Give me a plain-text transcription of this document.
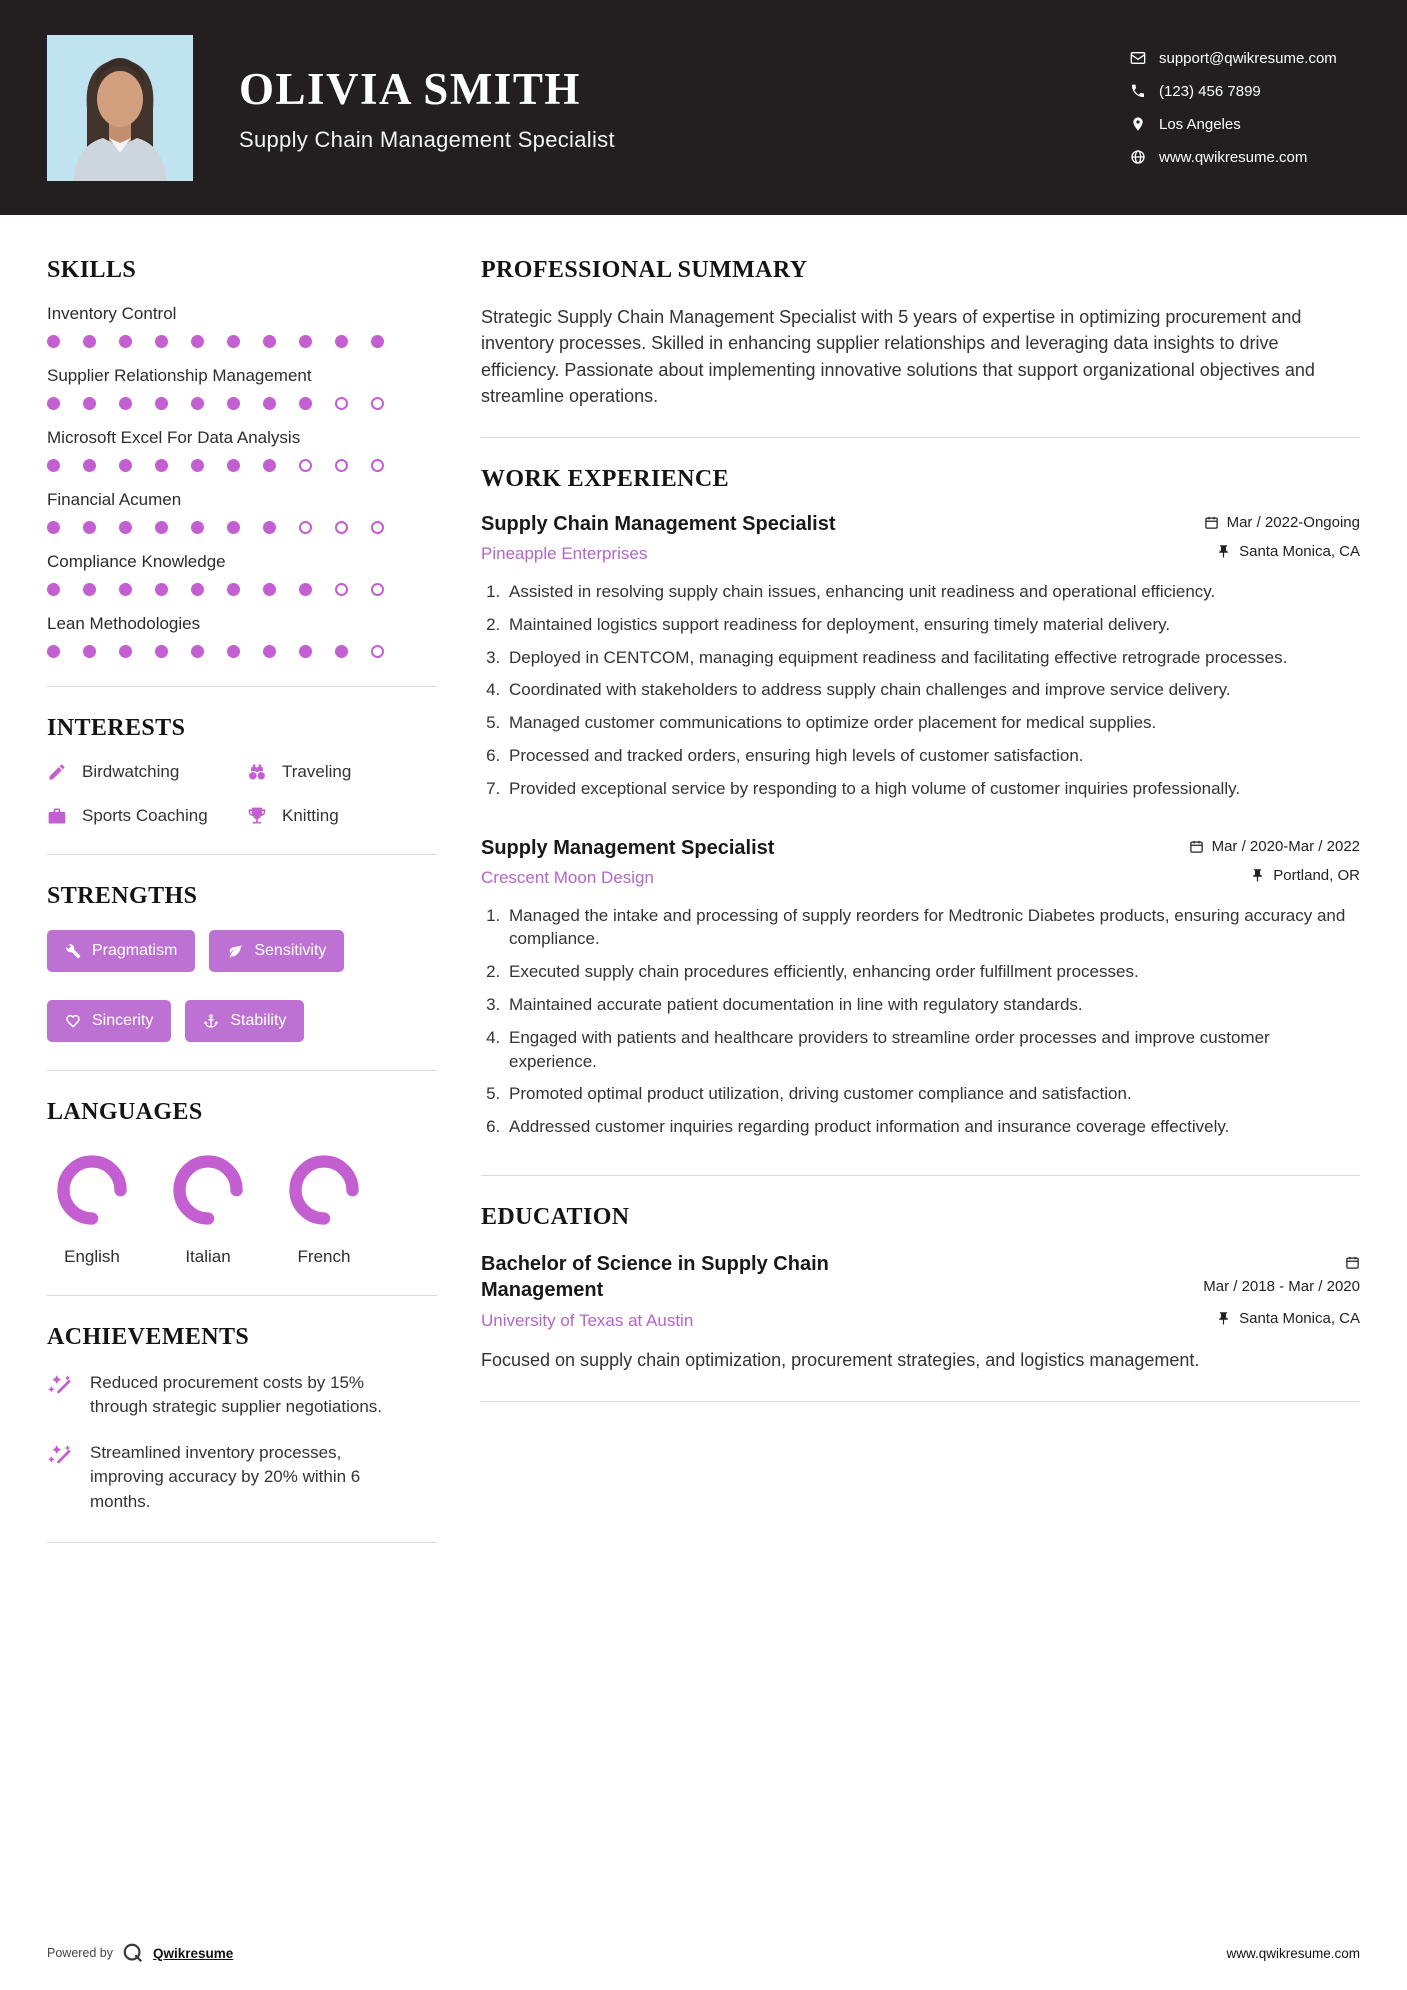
OLIVIA SMITH
Supply Chain Management Specialist
support@qwikresume.com
(123) 456 7899
Los Angeles
www.qwikresume.com
SKILLS
Inventory Control
Supplier Relationship Management
Microsoft Excel For Data Analysis
Financial Acumen
Compliance Knowledge
Lean Methodologies
INTERESTS
Birdwatching	Traveling
Sports Coaching	Knitting
STRENGTHS
Pragmatism	Sensitivity
Sincerity	Stability
LANGUAGES
English	Italian	French
ACHIEVEMENTS
Reduced procurement costs by 15% through strategic supplier negotiations.
Streamlined inventory processes, improving accuracy by 20% within 6 months.
PROFESSIONAL SUMMARY

Strategic Supply Chain Management Specialist with 5 years of expertise in optimizing procurement and inventory processes. Skilled in enhancing supplier relationships and leveraging data insights to drive efficiency. Passionate about implementing innovative solutions that support organizational objectives and streamline operations.

WORK EXPERIENCE
Supply Chain Management Specialist	Mar / 2022-Ongoing
Pineapple Enterprises	Santa Monica, CA
1. Assisted in resolving supply chain issues, enhancing unit readiness and operational efficiency.
2. Maintained logistics support readiness for deployment, ensuring timely material delivery.
3. Deployed in CENTCOM, managing equipment readiness and facilitating effective retrograde processes.
4. Coordinated with stakeholders to address supply chain challenges and improve service delivery.
5. Managed customer communications to optimize order placement for medical supplies.
6. Processed and tracked orders, ensuring high levels of customer satisfaction.
7. Provided exceptional service by responding to a high volume of customer inquiries professionally.
Supply Management Specialist	Mar / 2020-Mar / 2022
Crescent Moon Design	Portland, OR
1. Managed the intake and processing of supply reorders for Medtronic Diabetes products, ensuring accuracy and compliance.
2. Executed supply chain procedures efficiently, enhancing order fulfillment processes.
3. Maintained accurate patient documentation in line with regulatory standards.
4. Engaged with patients and healthcare providers to streamline order processes and improve customer experience.
5. Promoted optimal product utilization, driving customer compliance and satisfaction.
6. Addressed customer inquiries regarding product information and insurance coverage effectively.
EDUCATION
Bachelor of Science in Supply Chain Management	Mar / 2018 - Mar / 2020
University of Texas at Austin	Santa Monica, CA

Focused on supply chain optimization, procurement strategies, and logistics management.

Powered by	Qwikresume	www.qwikresume.com
